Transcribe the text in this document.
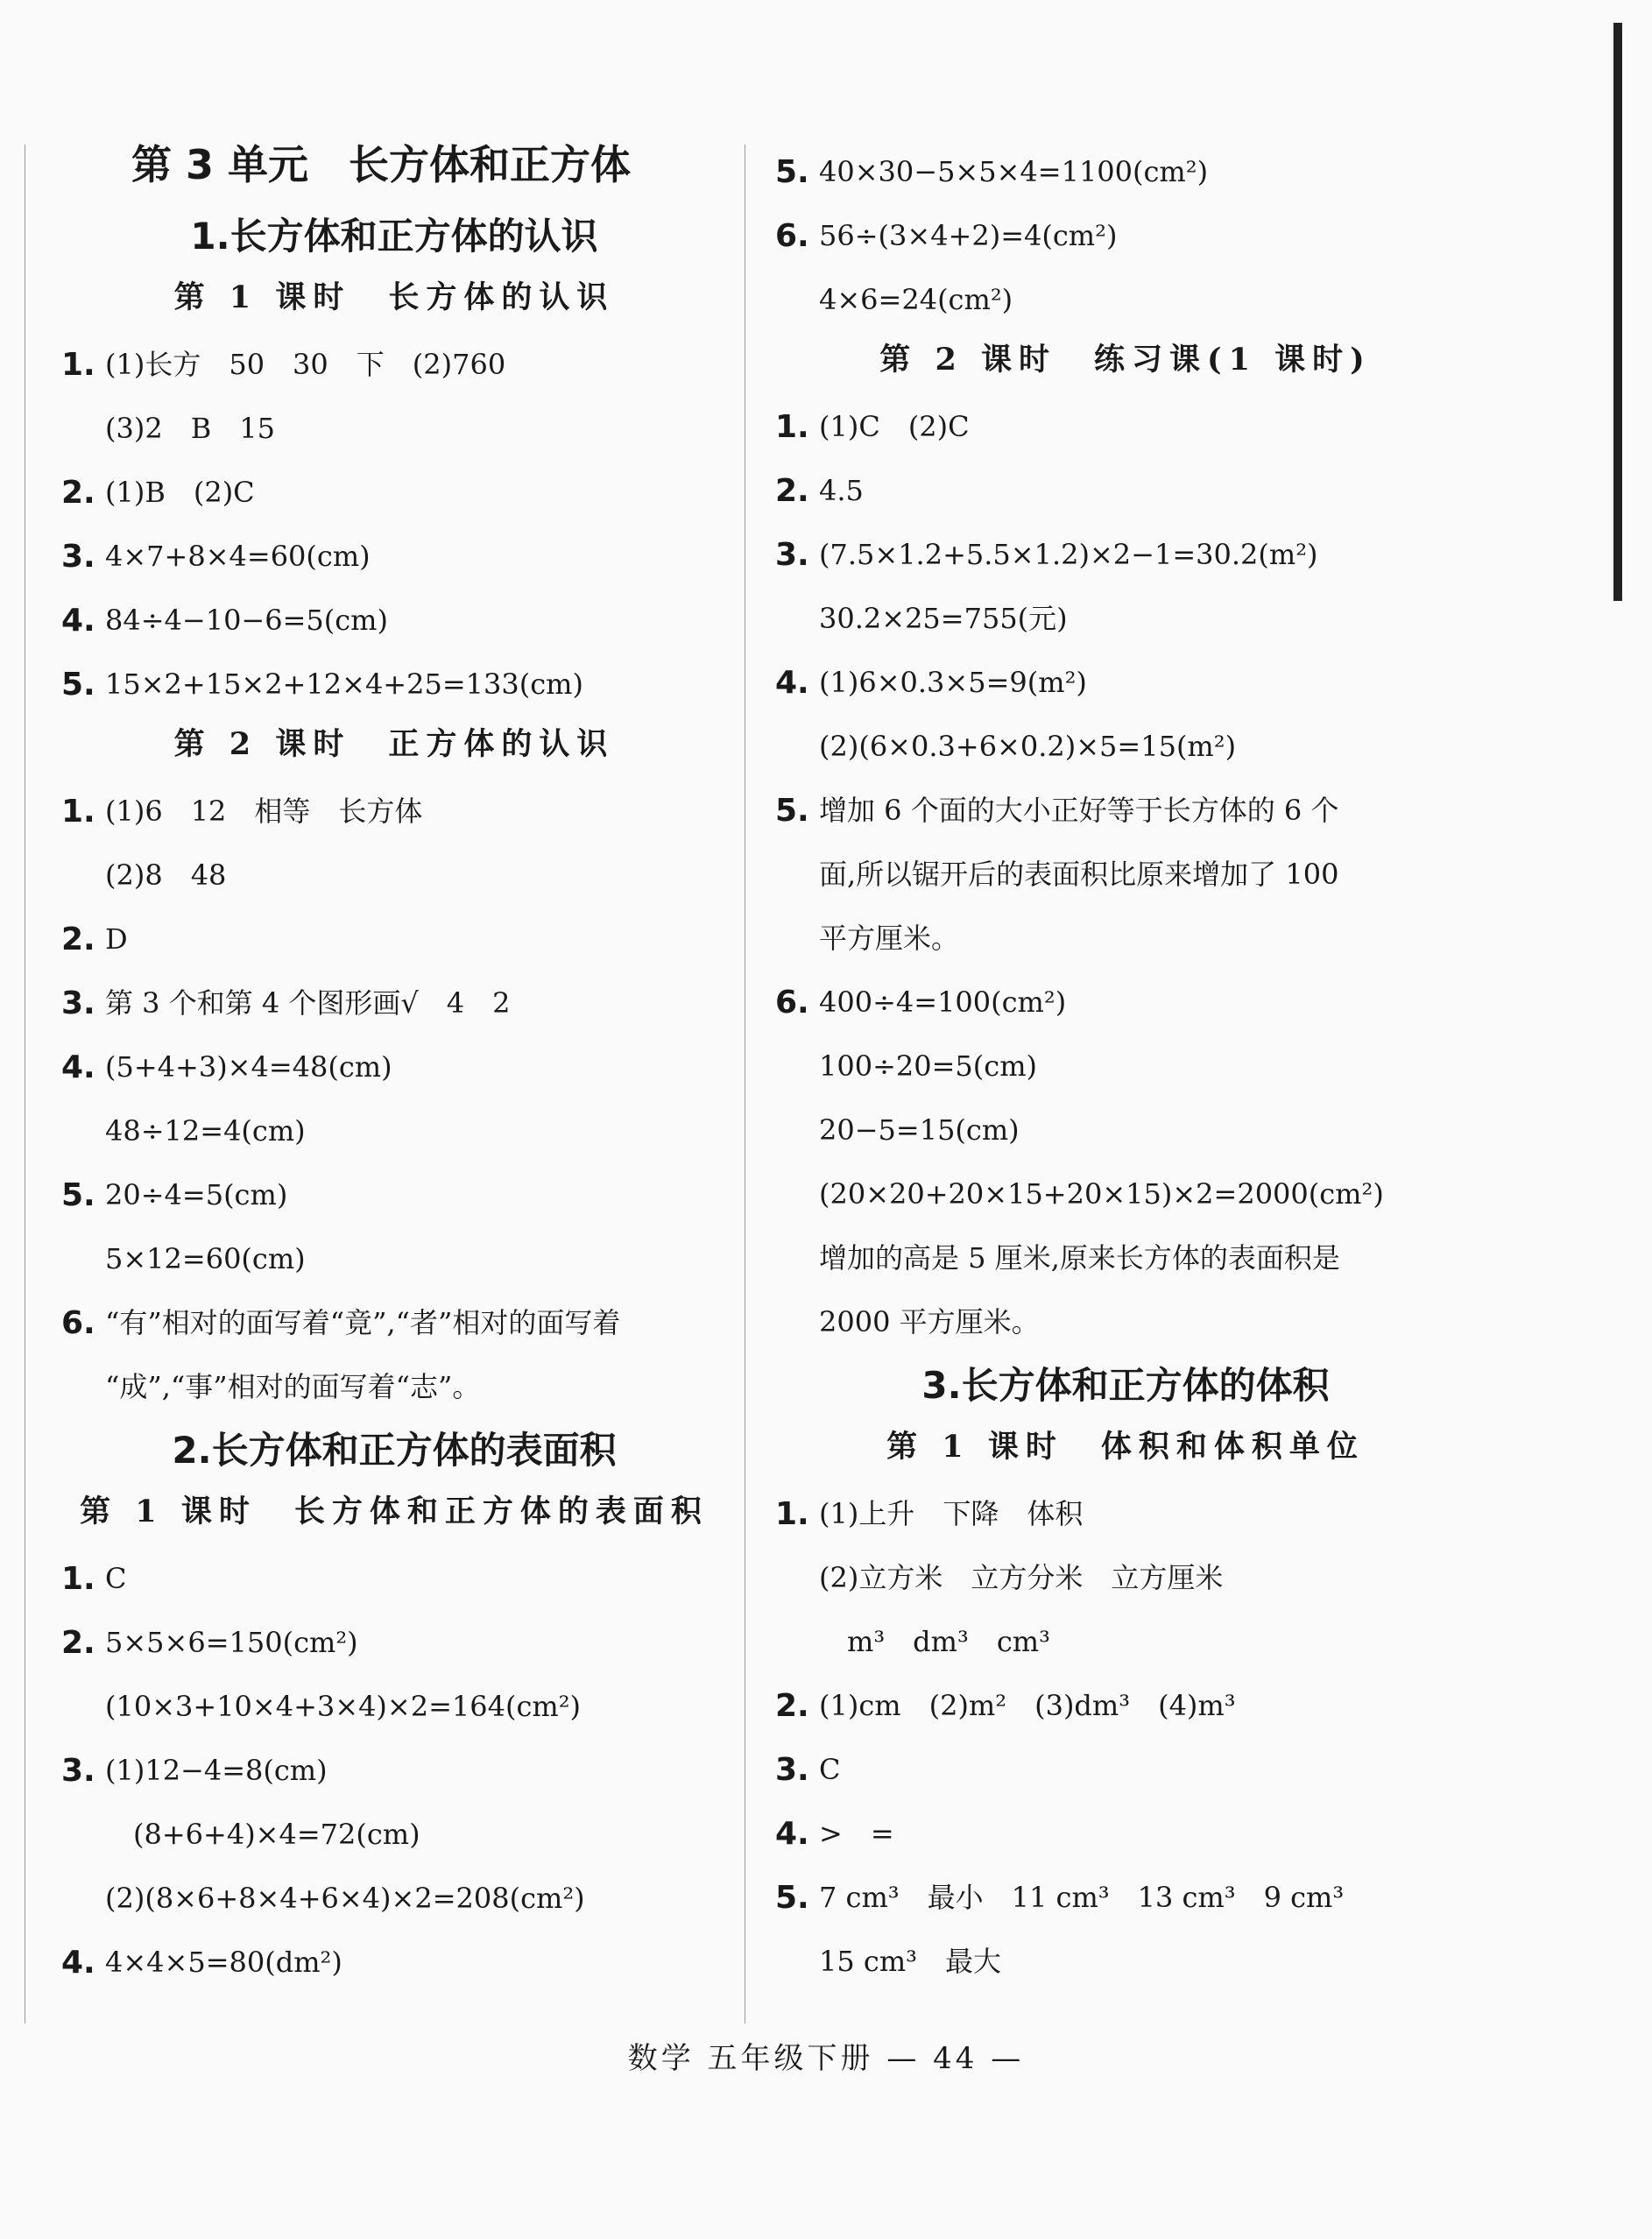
第 3 单元　长方体和正方体
1.长方体和正方体的认识
第 1 课时　长方体的认识
1. (1)长方　50　30　下　(2)760
(3)2　B　15
2. (1)B　(2)C
3. 4×7+8×4=60(cm)
4. 84÷4−10−6=5(cm)
5. 15×2+15×2+12×4+25=133(cm)
第 2 课时　正方体的认识
1. (1)6　12　相等　长方体
(2)8　48
2. D
3. 第 3 个和第 4 个图形画√　4　2
4. (5+4+3)×4=48(cm)
48÷12=4(cm)
5. 20÷4=5(cm)
5×12=60(cm)
6. “有”相对的面写着“竟”,“者”相对的面写着
“成”,“事”相对的面写着“志”。
2.长方体和正方体的表面积
第 1 课时　长方体和正方体的表面积
1. C
2. 5×5×6=150(cm²)
(10×3+10×4+3×4)×2=164(cm²)
3. (1)12−4=8(cm)
　(8+6+4)×4=72(cm)
(2)(8×6+8×4+6×4)×2=208(cm²)
4. 4×4×5=80(dm²)
5. 40×30−5×5×4=1100(cm²)
6. 56÷(3×4+2)=4(cm²)
4×6=24(cm²)
第 2 课时　练习课(1 课时)
1. (1)C　(2)C
2. 4.5
3. (7.5×1.2+5.5×1.2)×2−1=30.2(m²)
30.2×25=755(元)
4. (1)6×0.3×5=9(m²)
(2)(6×0.3+6×0.2)×5=15(m²)
5. 增加 6 个面的大小正好等于长方体的 6 个
面,所以锯开后的表面积比原来增加了 100
平方厘米。
6. 400÷4=100(cm²)
100÷20=5(cm)
20−5=15(cm)
(20×20+20×15+20×15)×2=2000(cm²)
增加的高是 5 厘米,原来长方体的表面积是
2000 平方厘米。
3.长方体和正方体的体积
第 1 课时　体积和体积单位
1. (1)上升　下降　体积
(2)立方米　立方分米　立方厘米
　m³　dm³　cm³
2. (1)cm　(2)m²　(3)dm³　(4)m³
3. C
4. >　=
5. 7 cm³　最小　11 cm³　13 cm³　9 cm³
15 cm³　最大
数学 五年级下册 — 44 —
